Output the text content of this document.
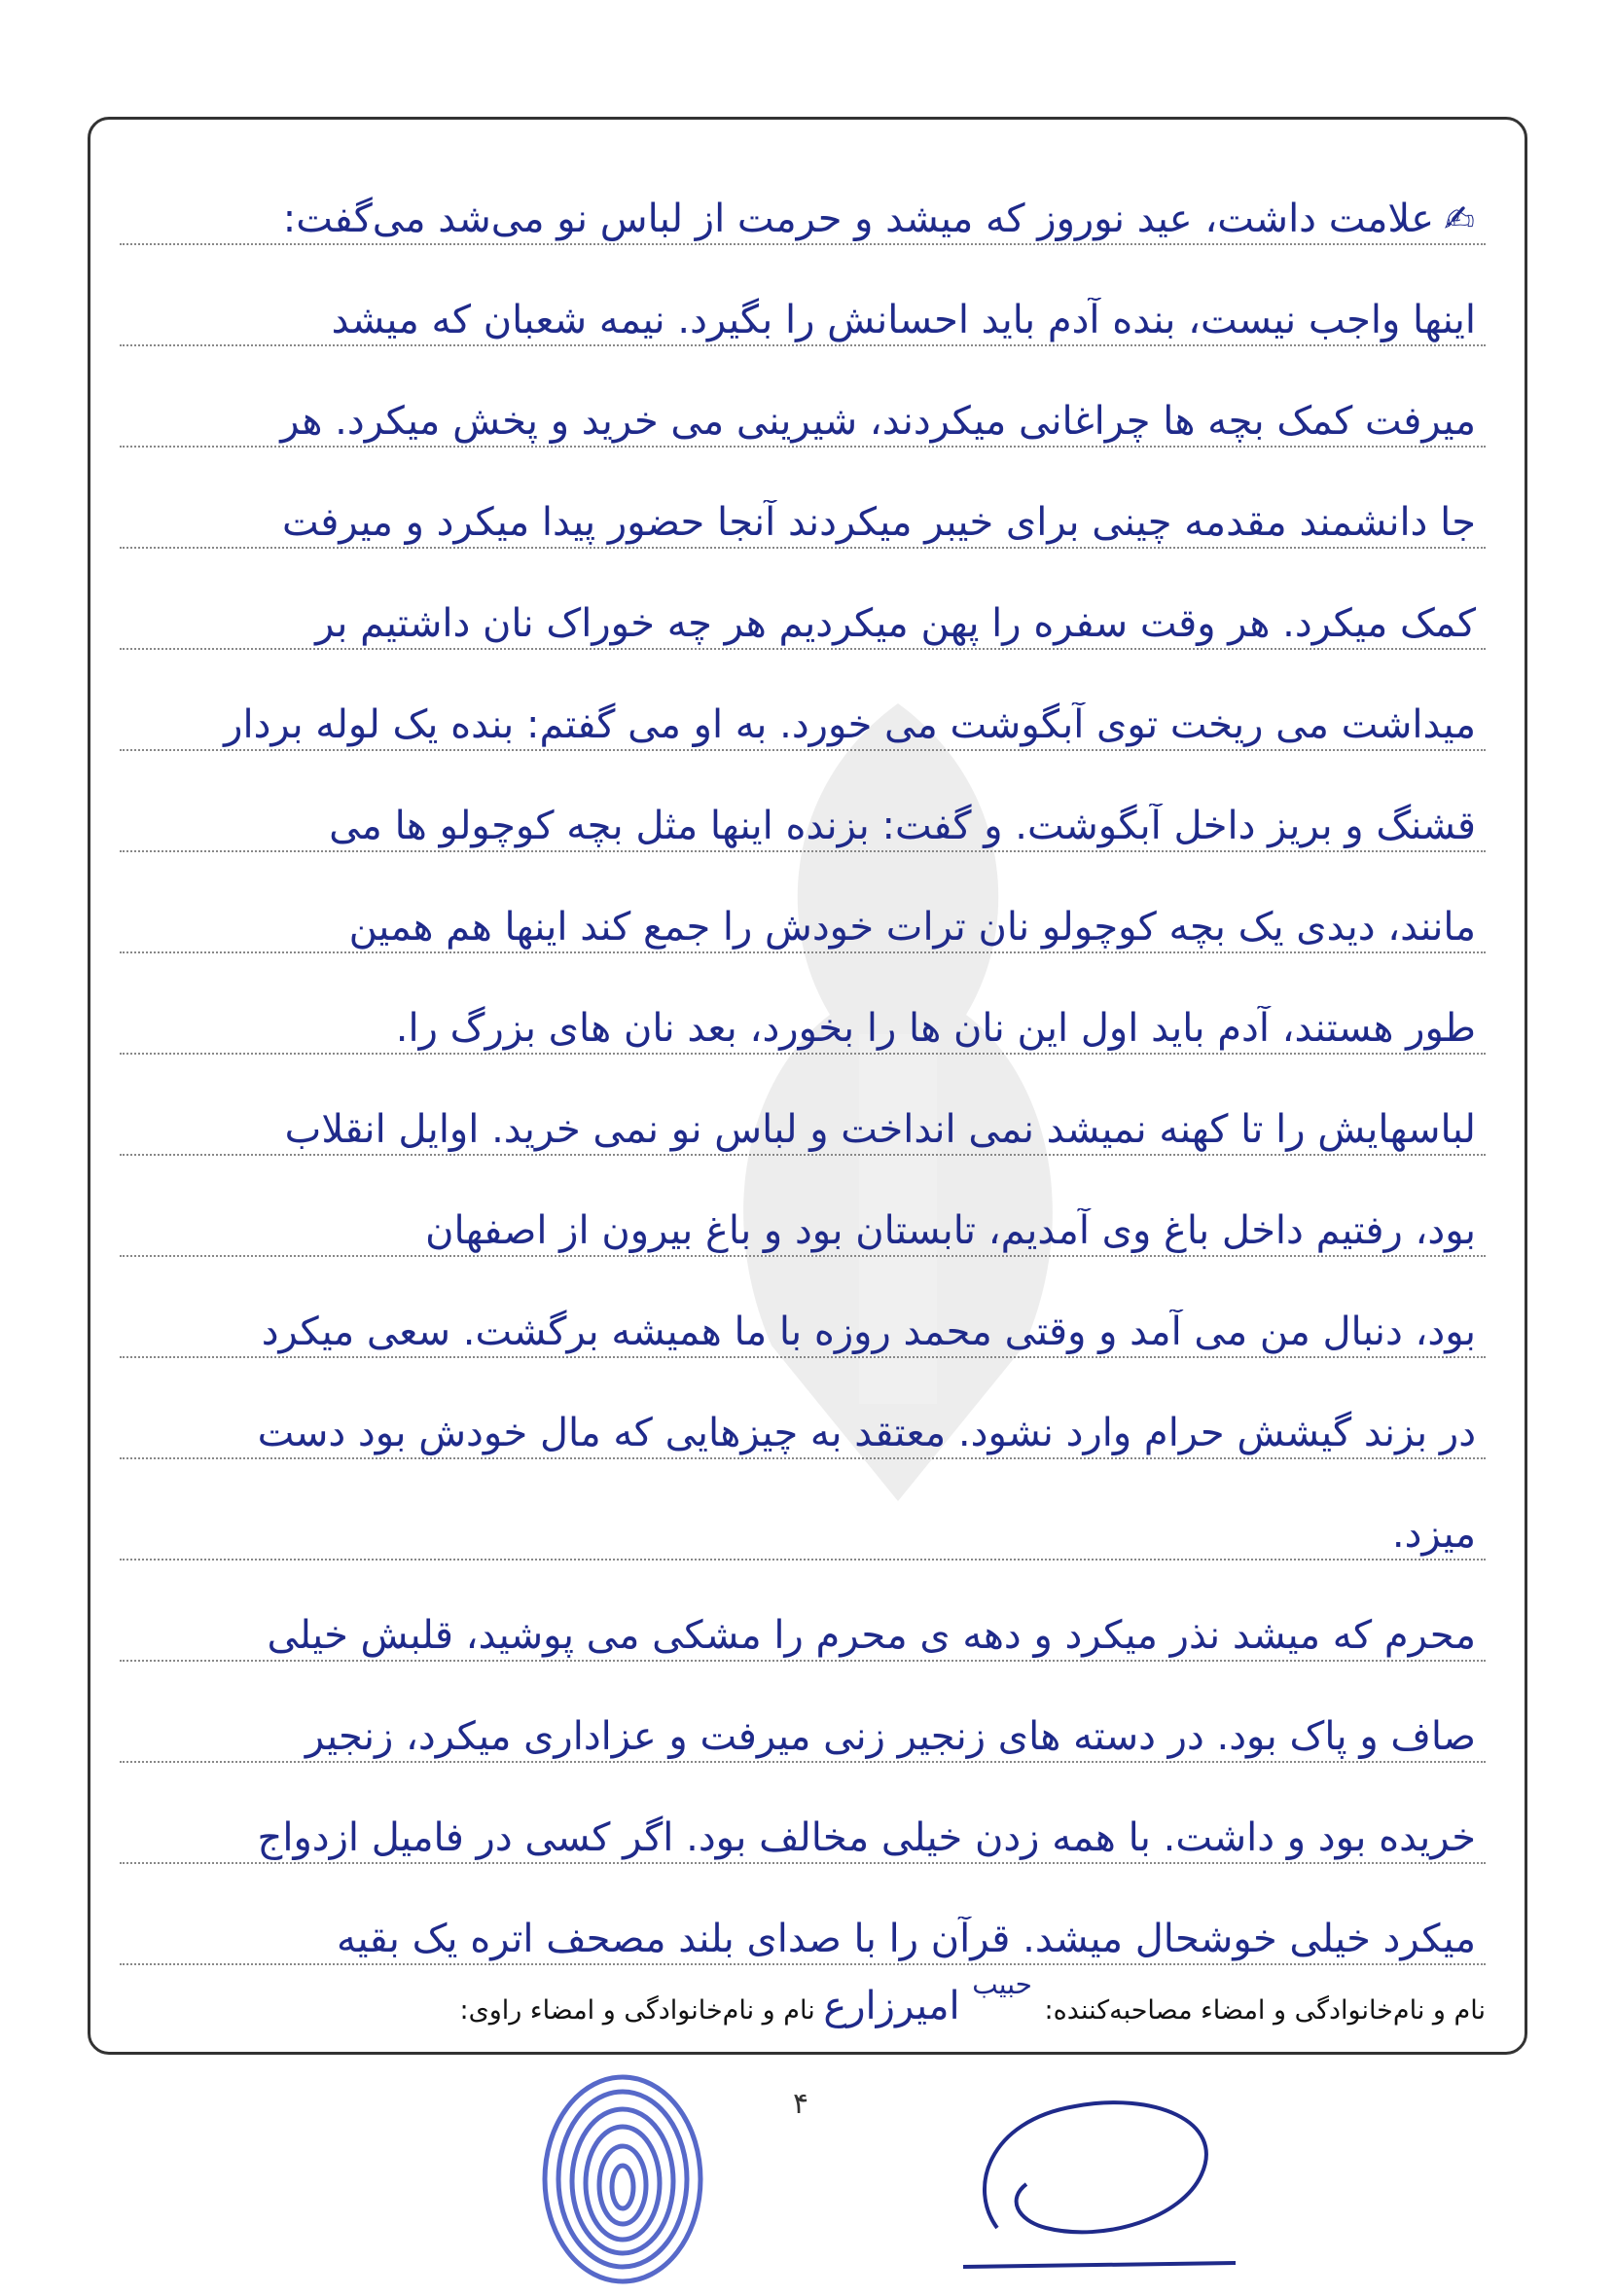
✍علامت داشت، عید نوروز که میشد و حرمت از لباس نو می‌شد می‌گفت:
اینها واجب نیست، بنده آدم باید احسانش را بگیرد. نیمه شعبان که میشد
میرفت کمک بچه ها چراغانی میکردند، شیرینی می خرید و پخش میکرد. هر
جا دانشمند مقدمه چینی برای خیبر میکردند آنجا حضور پیدا میکرد و میرفت
کمک میکرد. هر وقت سفره را پهن میکردیم هر چه خوراک نان داشتیم بر
میداشت می ریخت توی آبگوشت می خورد. به او می گفتم: بنده یک لوله بردار
قشنگ و بریز داخل آبگوشت. و گفت: بزنده اینها مثل بچه کوچولو ها می
مانند، دیدی یک بچه کوچولو نان ترات خودش را جمع کند اینها هم همین
طور هستند، آدم باید اول این نان ها را بخورد، بعد نان های بزرگ را.
لباسهایش را تا کهنه نمیشد نمی انداخت و لباس نو نمی خرید. اوایل انقلاب
بود، رفتیم داخل باغ وی آمدیم، تابستان بود و باغ بیرون از اصفهان
بود، دنبال من می آمد و وقتی محمد روزه با ما همیشه برگشت. سعی میکرد
در بزند گیشش حرام وارد نشود. معتقد به چیزهایی که مال خودش بود دست
میزد.
محرم که میشد نذر میکرد و دهه ی محرم را مشکی می پوشید، قلبش خیلی
صاف و پاک بود. در دسته های زنجیر زنی میرفت و عزاداری میکرد، زنجیر
خریده بود و داشت. با همه زدن خیلی مخالف بود. اگر کسی در فامیل ازدواج
میکرد خیلی خوشحال میشد. قرآن را با صدای بلند مصحف اتره یک بقیه
نام و نام‌خانوادگی و امضاء مصاحبه‌کننده: حبیب امیرزارع نام و نام‌خانوادگی و امضاء راوی:
۴
